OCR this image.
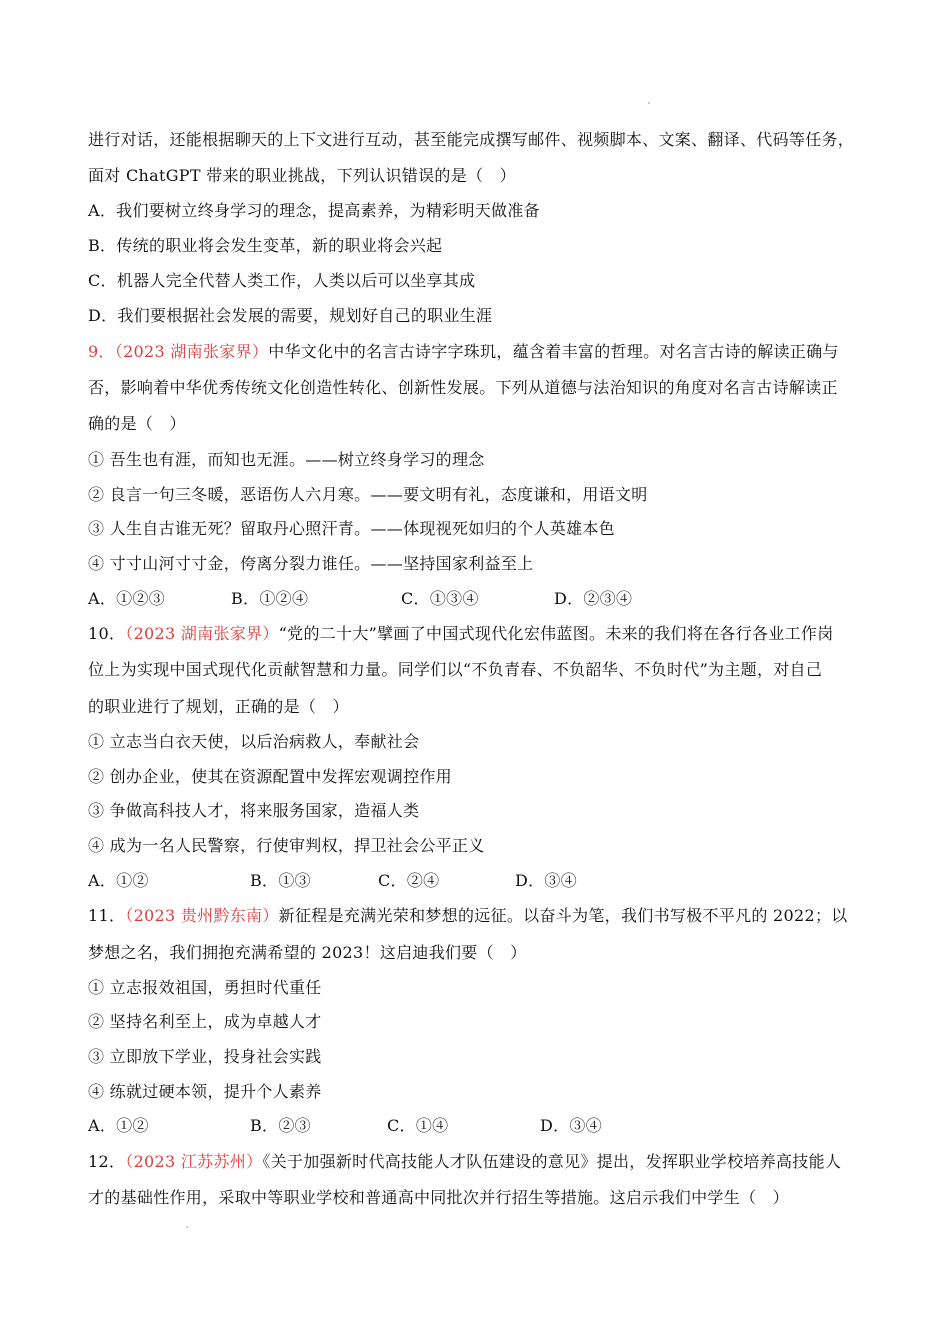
进行对话，还能根据聊天的上下文进行互动，甚至能完成撰写邮件、视频脚本、文案、翻译、代码等任务，
面对 ChatGPT 带来的职业挑战，下列认识错误的是（　）
A．我们要树立终身学习的理念，提高素养，为精彩明天做准备
B．传统的职业将会发生变革，新的职业将会兴起
C．机器人完全代替人类工作，人类以后可以坐享其成
D．我们要根据社会发展的需要，规划好自己的职业生涯
9．（2023 湖南张家界）中华文化中的名言古诗字字珠玑，蕴含着丰富的哲理。对名言古诗的解读正确与
否，影响着中华优秀传统文化创造性转化、创新性发展。下列从道德与法治知识的角度对名言古诗解读正
确的是（　）
① 吾生也有涯，而知也无涯。——树立终身学习的理念
② 良言一句三冬暖，恶语伤人六月寒。——要文明有礼，态度谦和，用语文明
③ 人生自古谁无死？留取丹心照汗青。——体现视死如归的个人英雄本色
④ 寸寸山河寸寸金，侉离分裂力谁任。——坚持国家利益至上
A．①②③	B．①②④	C．①③④	D．②③④
10．（2023 湖南张家界）“党的二十大”擘画了中国式现代化宏伟蓝图。未来的我们将在各行各业工作岗
位上为实现中国式现代化贡献智慧和力量。同学们以“不负青春、不负韶华、不负时代”为主题，对自己
的职业进行了规划，正确的是（　）
① 立志当白衣天使，以后治病救人，奉献社会
② 创办企业，使其在资源配置中发挥宏观调控作用
③ 争做高科技人才，将来服务国家，造福人类
④ 成为一名人民警察，行使审判权，捍卫社会公平正义
A．①②	B．①③	C．②④	D．③④
11．（2023 贵州黔东南）新征程是充满光荣和梦想的远征。以奋斗为笔，我们书写极不平凡的 2022；以
梦想之名，我们拥抱充满希望的 2023！这启迪我们要（　）
① 立志报效祖国，勇担时代重任
② 坚持名利至上，成为卓越人才
③ 立即放下学业，投身社会实践
④ 练就过硬本领，提升个人素养
A．①②	B．②③	C．①④	D．③④
12．（2023 江苏苏州）《关于加强新时代高技能人才队伍建设的意见》提出，发挥职业学校培养高技能人
才的基础性作用，采取中等职业学校和普通高中同批次并行招生等措施。这启示我们中学生（　）
